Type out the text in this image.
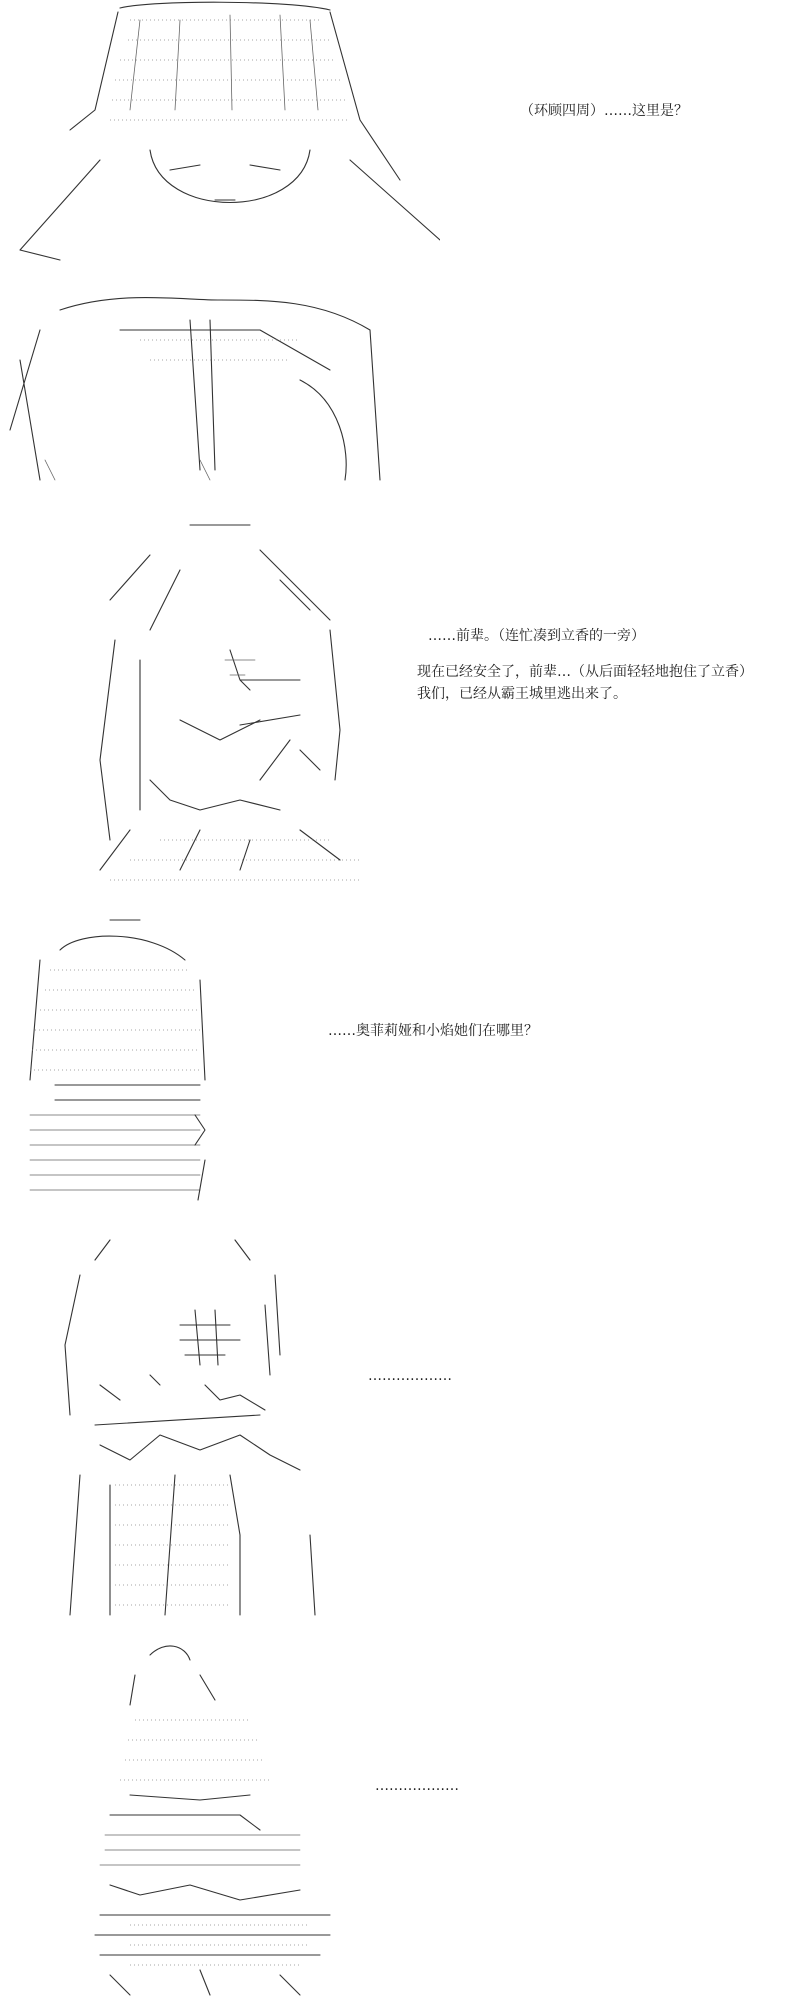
（环顾四周）……这里是？

……前辈。（连忙凑到立香的一旁）

现在已经安全了，前辈…（从后面轻轻地抱住了立香）

我们，已经从霸王城里逃出来了。

……奥菲莉娅和小焰她们在哪里？

………………

………………
